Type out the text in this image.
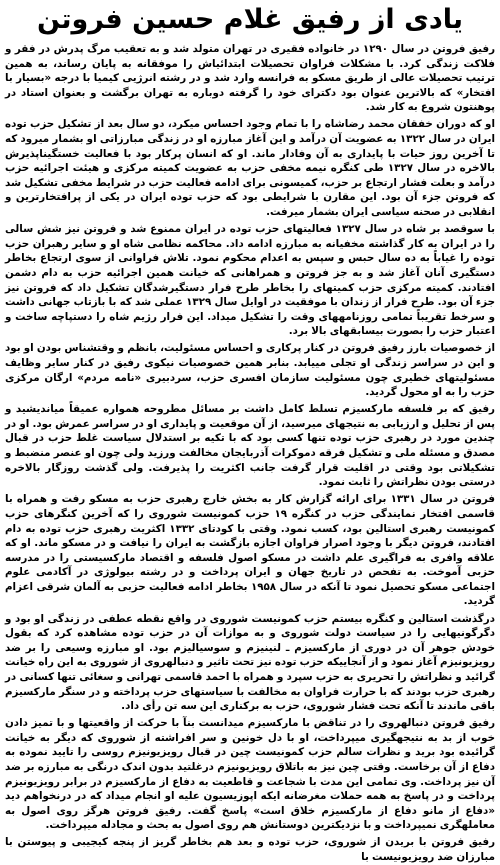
یادی از رفیق غلام حسین فروتن

رفیق فروتن در سال ۱۲۹۰ در خانواده فقیری در تهران متولد شد و به تعقیب مرگ پدرش در فقر و فلاکت زندگی کرد. با مشکلات فراوان تحصیلات ابتدائیاش را موفقانه به پایان رساند، به همین ترتیب تحصیلات عالی از طریق مسکو به فرانسه وارد شد و در رشته انرژیی کیمیا با درجه «بسیار با افتخار» که بالاترین عنوان بود دکترای خود را گرفته دوباره به تهران برگشت و بعنوان استاد در پوهنتون شروع به کار شد.

او که دوران خفقان محمد رضاشاه را با تمام وجود احساس میکرد، دو سال بعد از تشکیل حزب توده ایران در سال ۱۳۲۲ به عضویت آن درآمد و این آغاز مبارزه او در زندگی مبارزاتی او بشمار میرود که تا آخرین روز حیات با پایداری به آن وفادار ماند. او که انسان پرکار بود با فعالیت خستگیناپذیرش بالاخره در سال ۱۳۲۷ طی کنگره نیمه مخفی حزب به عضویت کمیته مرکزی و هیئت اجرائیه حزب درآمد و بعلت فشار ارتجاع بر حزب، کمیسونی برای ادامه فعالیت حزب در شرایط مخفی تشکیل شد که فروتن جزء آن بود. این مقارن با شرایطی بود که حزب توده ایران در یکی از پرافتخارترین و انقلابی در صحنه سیاسی ایران بشمار میرفت.

با سوقصد بر شاه در سال ۱۳۲۷ فعالیتهای حزب توده در ایران ممنوع شد و فروتن نیز شش سالی را در ایران به کار گذاشته مخفیانه به مبارزه ادامه داد. محاکمه نظامی شاه او و سایر رهبران حزب توده را غیاباً به ده سال حبس و سپس به اعدام محکوم نمود. تلاش فراوانی از سوی ارتجاع بخاطر دستگیری آنان آغاز شد و به جز فروتن و همراهانی که خیانت همین اجرائیه حزب به دام دشمن افتادند. کمیته مرکزی حزب کمیتهای را بخاطر طرح فرار دستگیرشدگان تشکیل داد که فروتن نیز جزء آن بود. طرح فرار از زندان با موفقیت در اوایل سال ۱۳۲۹ عملی شد که با بازتاب جهانی داشت و سرخط تقریباً تمامی روزنامههای وقت را تشکیل میداد. این فرار رژیم شاه را دستپاچه ساخت و اعتبار حزب را بصورت بیسابقهای بالا برد.

از خصوصیات بارز رفیق فروتن در کنار پرکاری و احساس مسئولیت، بانظم و وقتشناس بودن او بود و این در سراسر زندگی او تجلی مییابد. بنابر همین خصوصیات نیکوی رفیق در کنار سایر وظایف مسئولیتهای خطیری چون مسئولیت سازمان افسری حزب، سردبیری «نامه مردم» ارگان مرکزی حزب را به او محول گردید.

رفیق که بر فلسفه مارکسیزم تسلط کامل داشت بر مسائل مطروحه همواره عمیقاً میاندیشید و پس از تحلیل و ارزیابی به نتیجهای میرسید، از آن موقعیت و پایداری او در سراسر عمرش بود. او در چندین مورد در رهبری حزب توده تنها کسی بود که با تکیه بر استدلال سیاست غلط حزب در قبال مصدق و مسئله ملی و تشکیل فرقه دموکرات آذربایجان مخالفت ورزید ولی چون او عنصر منضبط و تشکیلاتی بود وقتی در اقلیت قرار گرفت جانب اکثریت را پذیرفت. ولی گذشت روزگار بالاخره درستی بودن نظراتش را ثابت نمود.

فروتن در سال ۱۳۳۱ برای ارائه گزارش کار به بخش خارج رهبری حزب به مسکو رفت و همراه با قاسمی افتخار نمایندگی حزب در کنگره ۱۹ حزب کمونیست شوروی را که آخرین کنگرهای حزب کمونیست رهبری استالین بود، کسب نمود. وقتی با کودتای ۱۳۳۲ اکثریت رهبری حزب توده به دام افتادند، فروتن دیگر با وجود اصرار فراوان اجازه بازگشت به ایران را نیافت و در مسکو ماند. او که علاقه وافری به فراگیری علم داشت در مسکو اصول فلسفه و اقتصاد مارکسیستی را در مدرسه حزبی آموخت. به تفحص در تاریخ جهان و ایران پرداخت و در رشته بیولوژی در آکادمی علوم اجتماعی مسکو تحصیل نمود تا آنکه در سال ۱۹۵۸ بخاطر ادامه فعالیت حزبی به آلمان شرقی اعزام گردید.

درگذشت استالین و کنگره بیستم حزب کمونیست شوروی در واقع نقطه عطفی در زندگی او بود و دگرگونیهایی را در سیاست دولت شوروی و به موازات آن در حزب توده مشاهده کرد که بقول خودش جوهر آن در دوری از مارکسیزم ـ لنینیزم و سوسیالیزم بود. او مبارزه وسیعی را بر ضد رویزیونیزم آغاز نمود و از آنجاییکه حزب توده نیز تحت تاثیر و دنبالهروی از شوروی به این راه خیانت گرائید و نظراتش را تحریری به حزب سپرد و همراه با احمد قاسمی تهرانی و سغائی تنها کسانی در رهبری حزب بودند که با حرارت فراوان به مخالفت با سیاستهای حزب پرداخته و در سنگر مارکسیزم باقی ماندند تا آنکه تحت فشار شوروی، حزب به برکناری این سه تن رأی داد.

رفیق فروتن دنبالهروی را در تناقض با مارکسیزم میدانست بنآ با حرکت از واقعیتها و با تمیز دادن خوب از بد به نتیجهگیری میپرداخت، او با دل خونین و سر افراشته از شوروی که دیگر به خیانت گرائیده بود برید و نظرات سالم حزب کمونیست چین در قبال رویزیونیزم روسی را تایید نموده به دفاع از آن برخاست. وقتی چین نیز به باتلاق رویزیونیزم درغلتید بدون اندک درنگی به مبارزه بر ضد آن نیز پرداخت. وی تمامی این مدت با شجاعت و قاطعیت به دفاع از مارکسیزم در برابر رویزیونیزم پرداخت و در پاسخ به همه حملات مغرضانه ایکه اپوزیسیون علیه او انجام میداد که در درنخواهم دید «دفاع از مانو دفاع از مارکسیزم خلاق است» پاسخ گفت. رفیق فروتن هرگز روی اصول به معاملهگری نمیپرداخت و با نزدیکترین دوستانش هم روی اصول به بحث و مجادله میپرداخت.

رفیق فروتن با بریدن از شوروی، حزب توده و بعد هم بخاطر گریز از پنجه کیجیبی و پیوستن با مبارزان ضد رویزیونیست با
